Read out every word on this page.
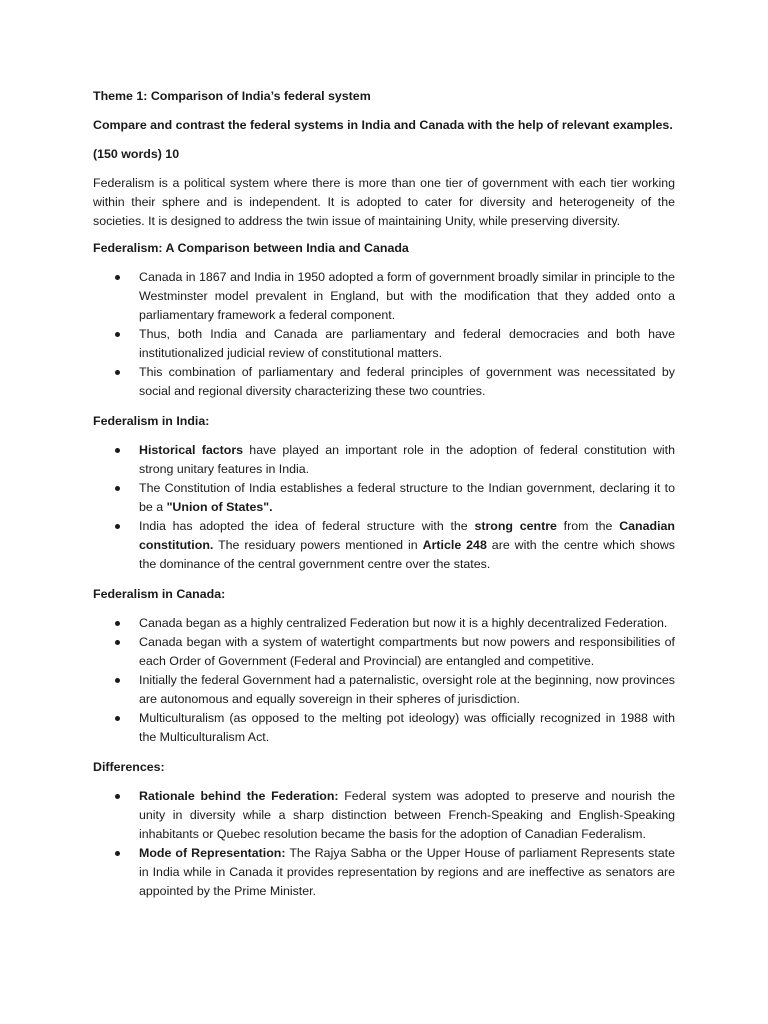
Theme 1: Comparison of India’s federal system
Compare and contrast the federal systems in India and Canada with the help of relevant examples.
(150 words) 10
Federalism is a political system where there is more than one tier of government with each tier working within their sphere and is independent. It is adopted to cater for diversity and heterogeneity of the societies. It is designed to address the twin issue of maintaining Unity, while preserving diversity.
Federalism: A Comparison between India and Canada
Canada in 1867 and India in 1950 adopted a form of government broadly similar in principle to the Westminster model prevalent in England, but with the modification that they added onto a parliamentary framework a federal component.
Thus, both India and Canada are parliamentary and federal democracies and both have institutionalized judicial review of constitutional matters.
This combination of parliamentary and federal principles of government was necessitated by social and regional diversity characterizing these two countries.
Federalism in India:
Historical factors have played an important role in the adoption of federal constitution with strong unitary features in India.
The Constitution of India establishes a federal structure to the Indian government, declaring it to be a "Union of States".
India has adopted the idea of federal structure with the strong centre from the Canadian constitution. The residuary powers mentioned in Article 248 are with the centre which shows the dominance of the central government centre over the states.
Federalism in Canada:
Canada began as a highly centralized Federation but now it is a highly decentralized Federation.
Canada began with a system of watertight compartments but now powers and responsibilities of each Order of Government (Federal and Provincial) are entangled and competitive.
Initially the federal Government had a paternalistic, oversight role at the beginning, now provinces are autonomous and equally sovereign in their spheres of jurisdiction.
Multiculturalism (as opposed to the melting pot ideology) was officially recognized in 1988 with the Multiculturalism Act.
Differences:
Rationale behind the Federation: Federal system was adopted to preserve and nourish the unity in diversity while a sharp distinction between French-Speaking and English-Speaking inhabitants or Quebec resolution became the basis for the adoption of Canadian Federalism.
Mode of Representation: The Rajya Sabha or the Upper House of parliament Represents state in India while in Canada it provides representation by regions and are ineffective as senators are appointed by the Prime Minister.
